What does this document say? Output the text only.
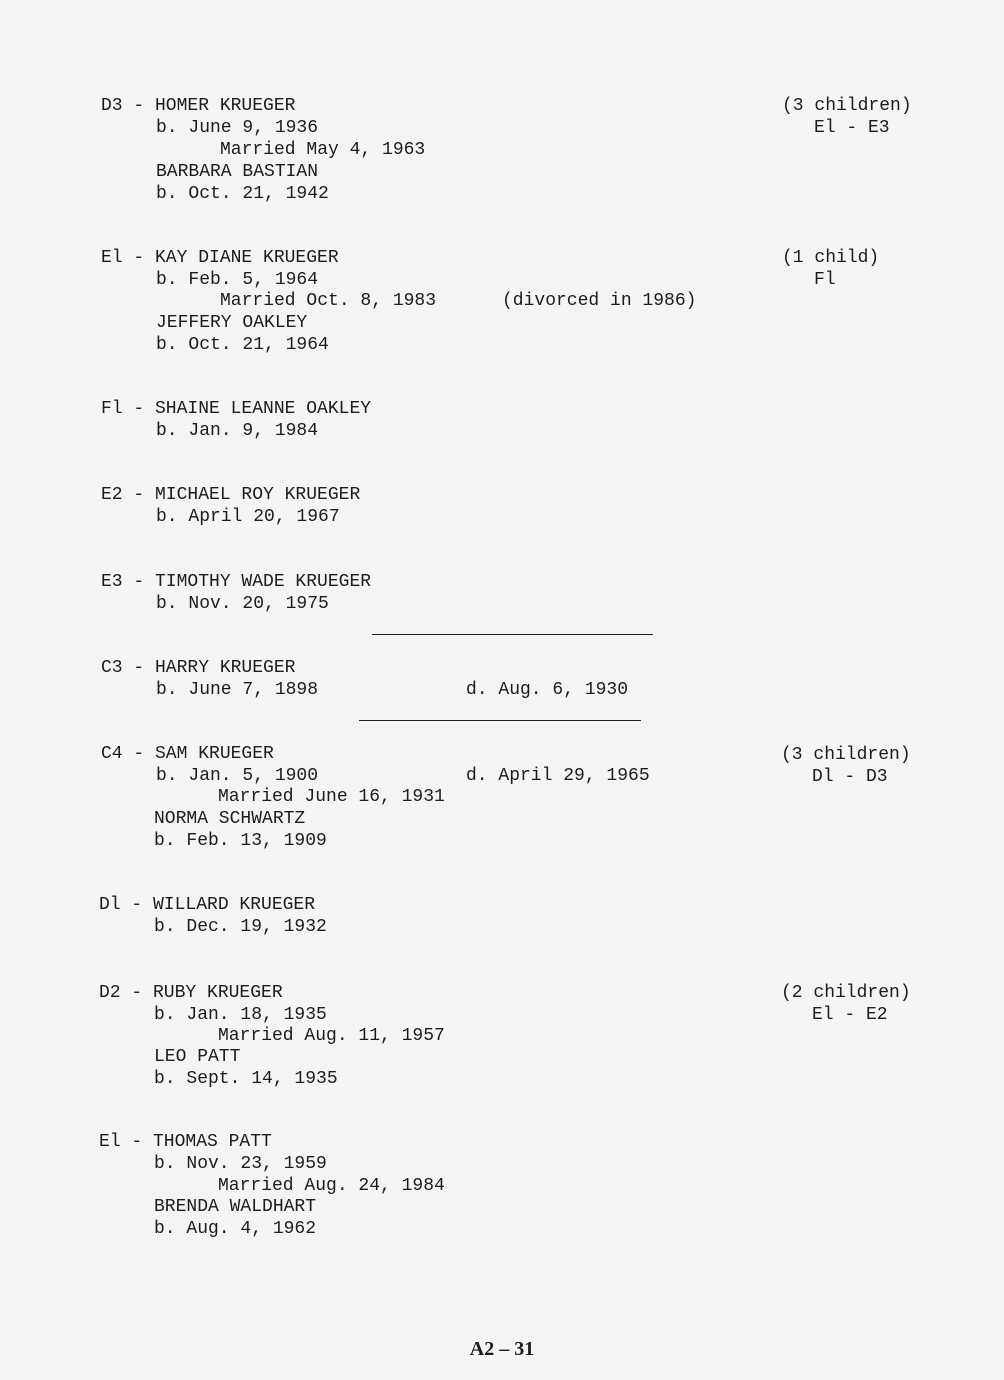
D3 - HOMER KRUEGER
b. June 9, 1936
Married May 4, 1963
BARBARA BASTIAN
b. Oct. 21, 1942
(3 children)
El - E3
El - KAY DIANE KRUEGER
b. Feb. 5, 1964
Married Oct. 8, 1983	(divorced in 1986)
JEFFERY OAKLEY
b. Oct. 21, 1964
(1 child)
Fl
Fl - SHAINE LEANNE OAKLEY
b. Jan. 9, 1984
E2 - MICHAEL ROY KRUEGER
b. April 20, 1967
E3 - TIMOTHY WADE KRUEGER
b. Nov. 20, 1975
C3 - HARRY KRUEGER
b. June 7, 1898	d. Aug. 6, 1930
C4 - SAM KRUEGER
b. Jan. 5, 1900	d. April 29, 1965
Married June 16, 1931
NORMA SCHWARTZ
b. Feb. 13, 1909
(3 children)
Dl - D3
Dl - WILLARD KRUEGER
b. Dec. 19, 1932
D2 - RUBY KRUEGER
b. Jan. 18, 1935
Married Aug. 11, 1957
LEO PATT
b. Sept. 14, 1935
(2 children)
El - E2
El - THOMAS PATT
b. Nov. 23, 1959
Married Aug. 24, 1984
BRENDA WALDHART
b. Aug. 4, 1962
A2 – 31
